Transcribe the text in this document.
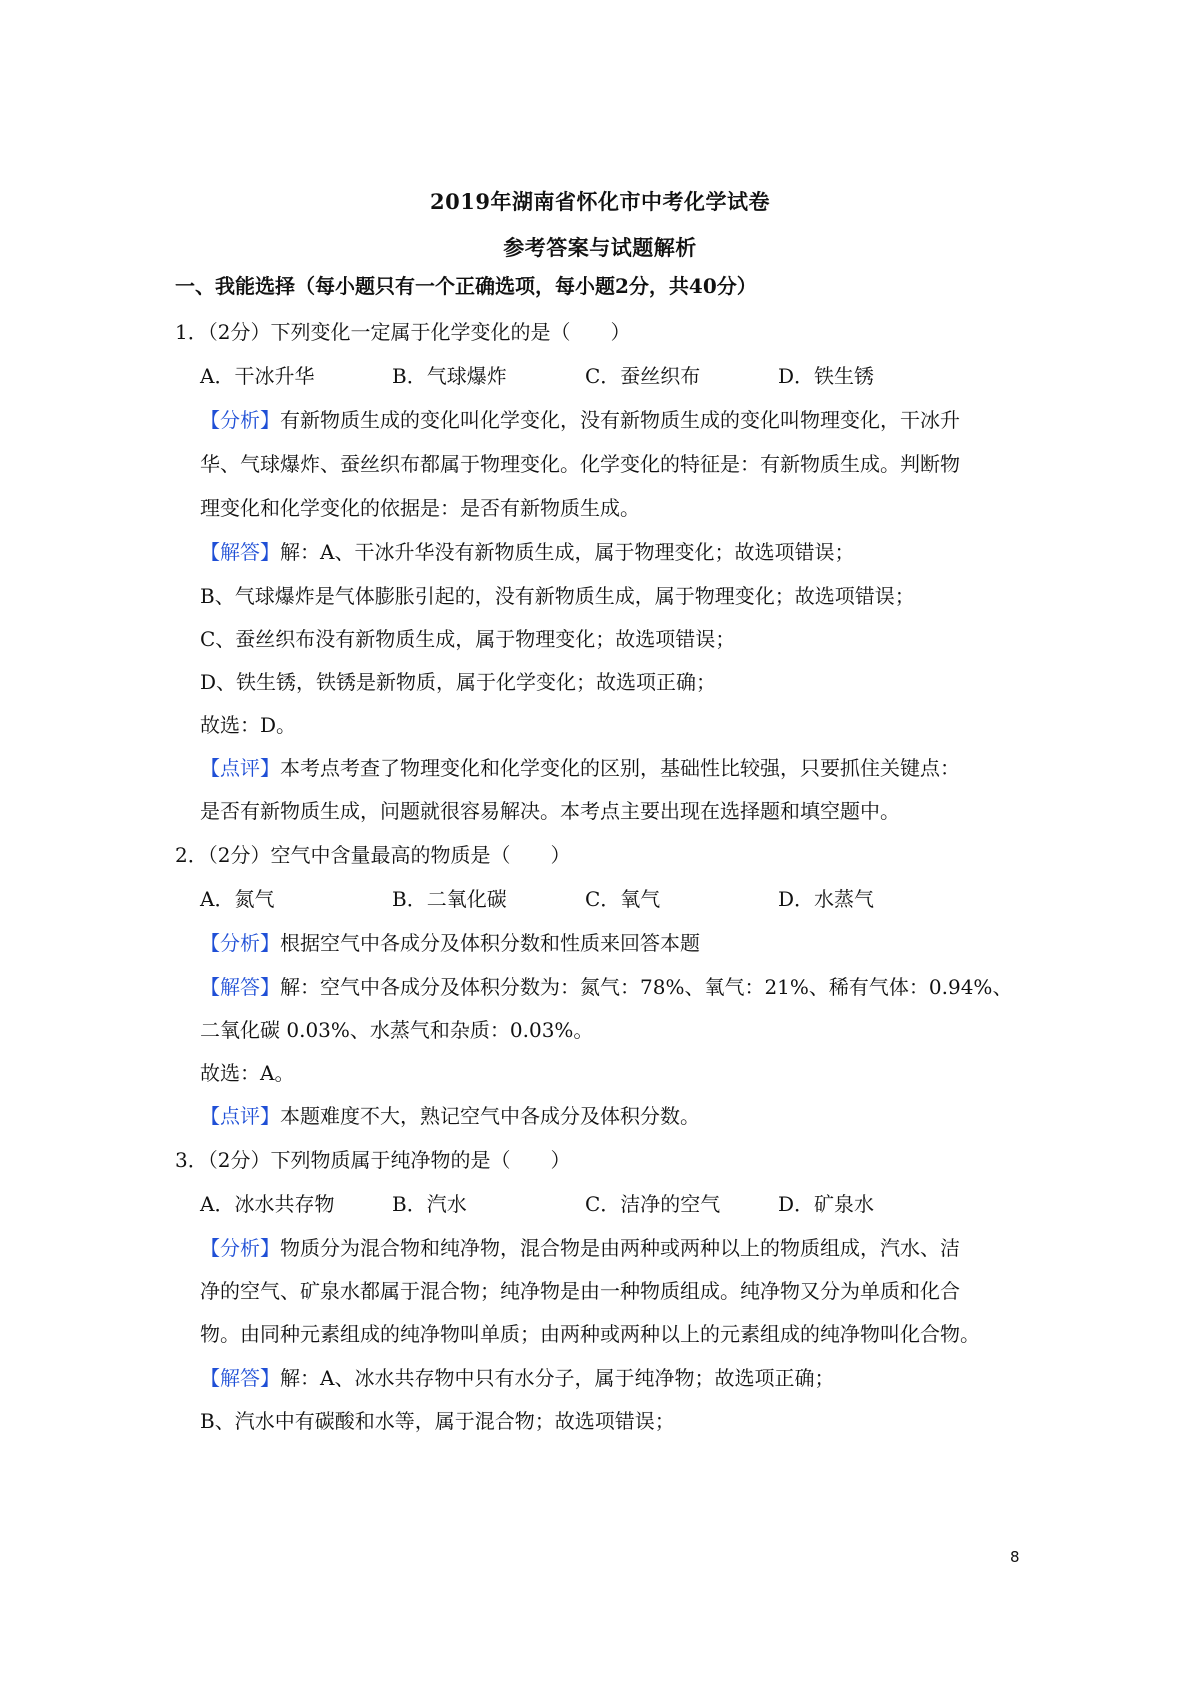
2019年湖南省怀化市中考化学试卷
参考答案与试题解析
一、我能选择（每小题只有一个正确选项，每小题2分，共40分）
1．（2分）下列变化一定属于化学变化的是（　　）
A．干冰升华	B．气球爆炸	C．蚕丝织布	D．铁生锈
【分析】有新物质生成的变化叫化学变化，没有新物质生成的变化叫物理变化，干冰升
华、气球爆炸、蚕丝织布都属于物理变化。化学变化的特征是：有新物质生成。判断物
理变化和化学变化的依据是：是否有新物质生成。
【解答】解：A、干冰升华没有新物质生成，属于物理变化；故选项错误；
B、气球爆炸是气体膨胀引起的，没有新物质生成，属于物理变化；故选项错误；
C、蚕丝织布没有新物质生成，属于物理变化；故选项错误；
D、铁生锈，铁锈是新物质，属于化学变化；故选项正确；
故选：D。
【点评】本考点考查了物理变化和化学变化的区别，基础性比较强，只要抓住关键点：
是否有新物质生成，问题就很容易解决。本考点主要出现在选择题和填空题中。
2．（2分）空气中含量最高的物质是（　　）
A．氮气	B．二氧化碳	C．氧气	D．水蒸气
【分析】根据空气中各成分及体积分数和性质来回答本题
【解答】解：空气中各成分及体积分数为：氮气：78%、氧气：21%、稀有气体：0.94%、
二氧化碳 0.03%、水蒸气和杂质：0.03%。
故选：A。
【点评】本题难度不大，熟记空气中各成分及体积分数。
3．（2分）下列物质属于纯净物的是（　　）
A．冰水共存物	B．汽水	C．洁净的空气	D．矿泉水
【分析】物质分为混合物和纯净物，混合物是由两种或两种以上的物质组成，汽水、洁
净的空气、矿泉水都属于混合物；纯净物是由一种物质组成。纯净物又分为单质和化合
物。由同种元素组成的纯净物叫单质；由两种或两种以上的元素组成的纯净物叫化合物。
【解答】解：A、冰水共存物中只有水分子，属于纯净物；故选项正确；
B、汽水中有碳酸和水等，属于混合物；故选项错误；
8
